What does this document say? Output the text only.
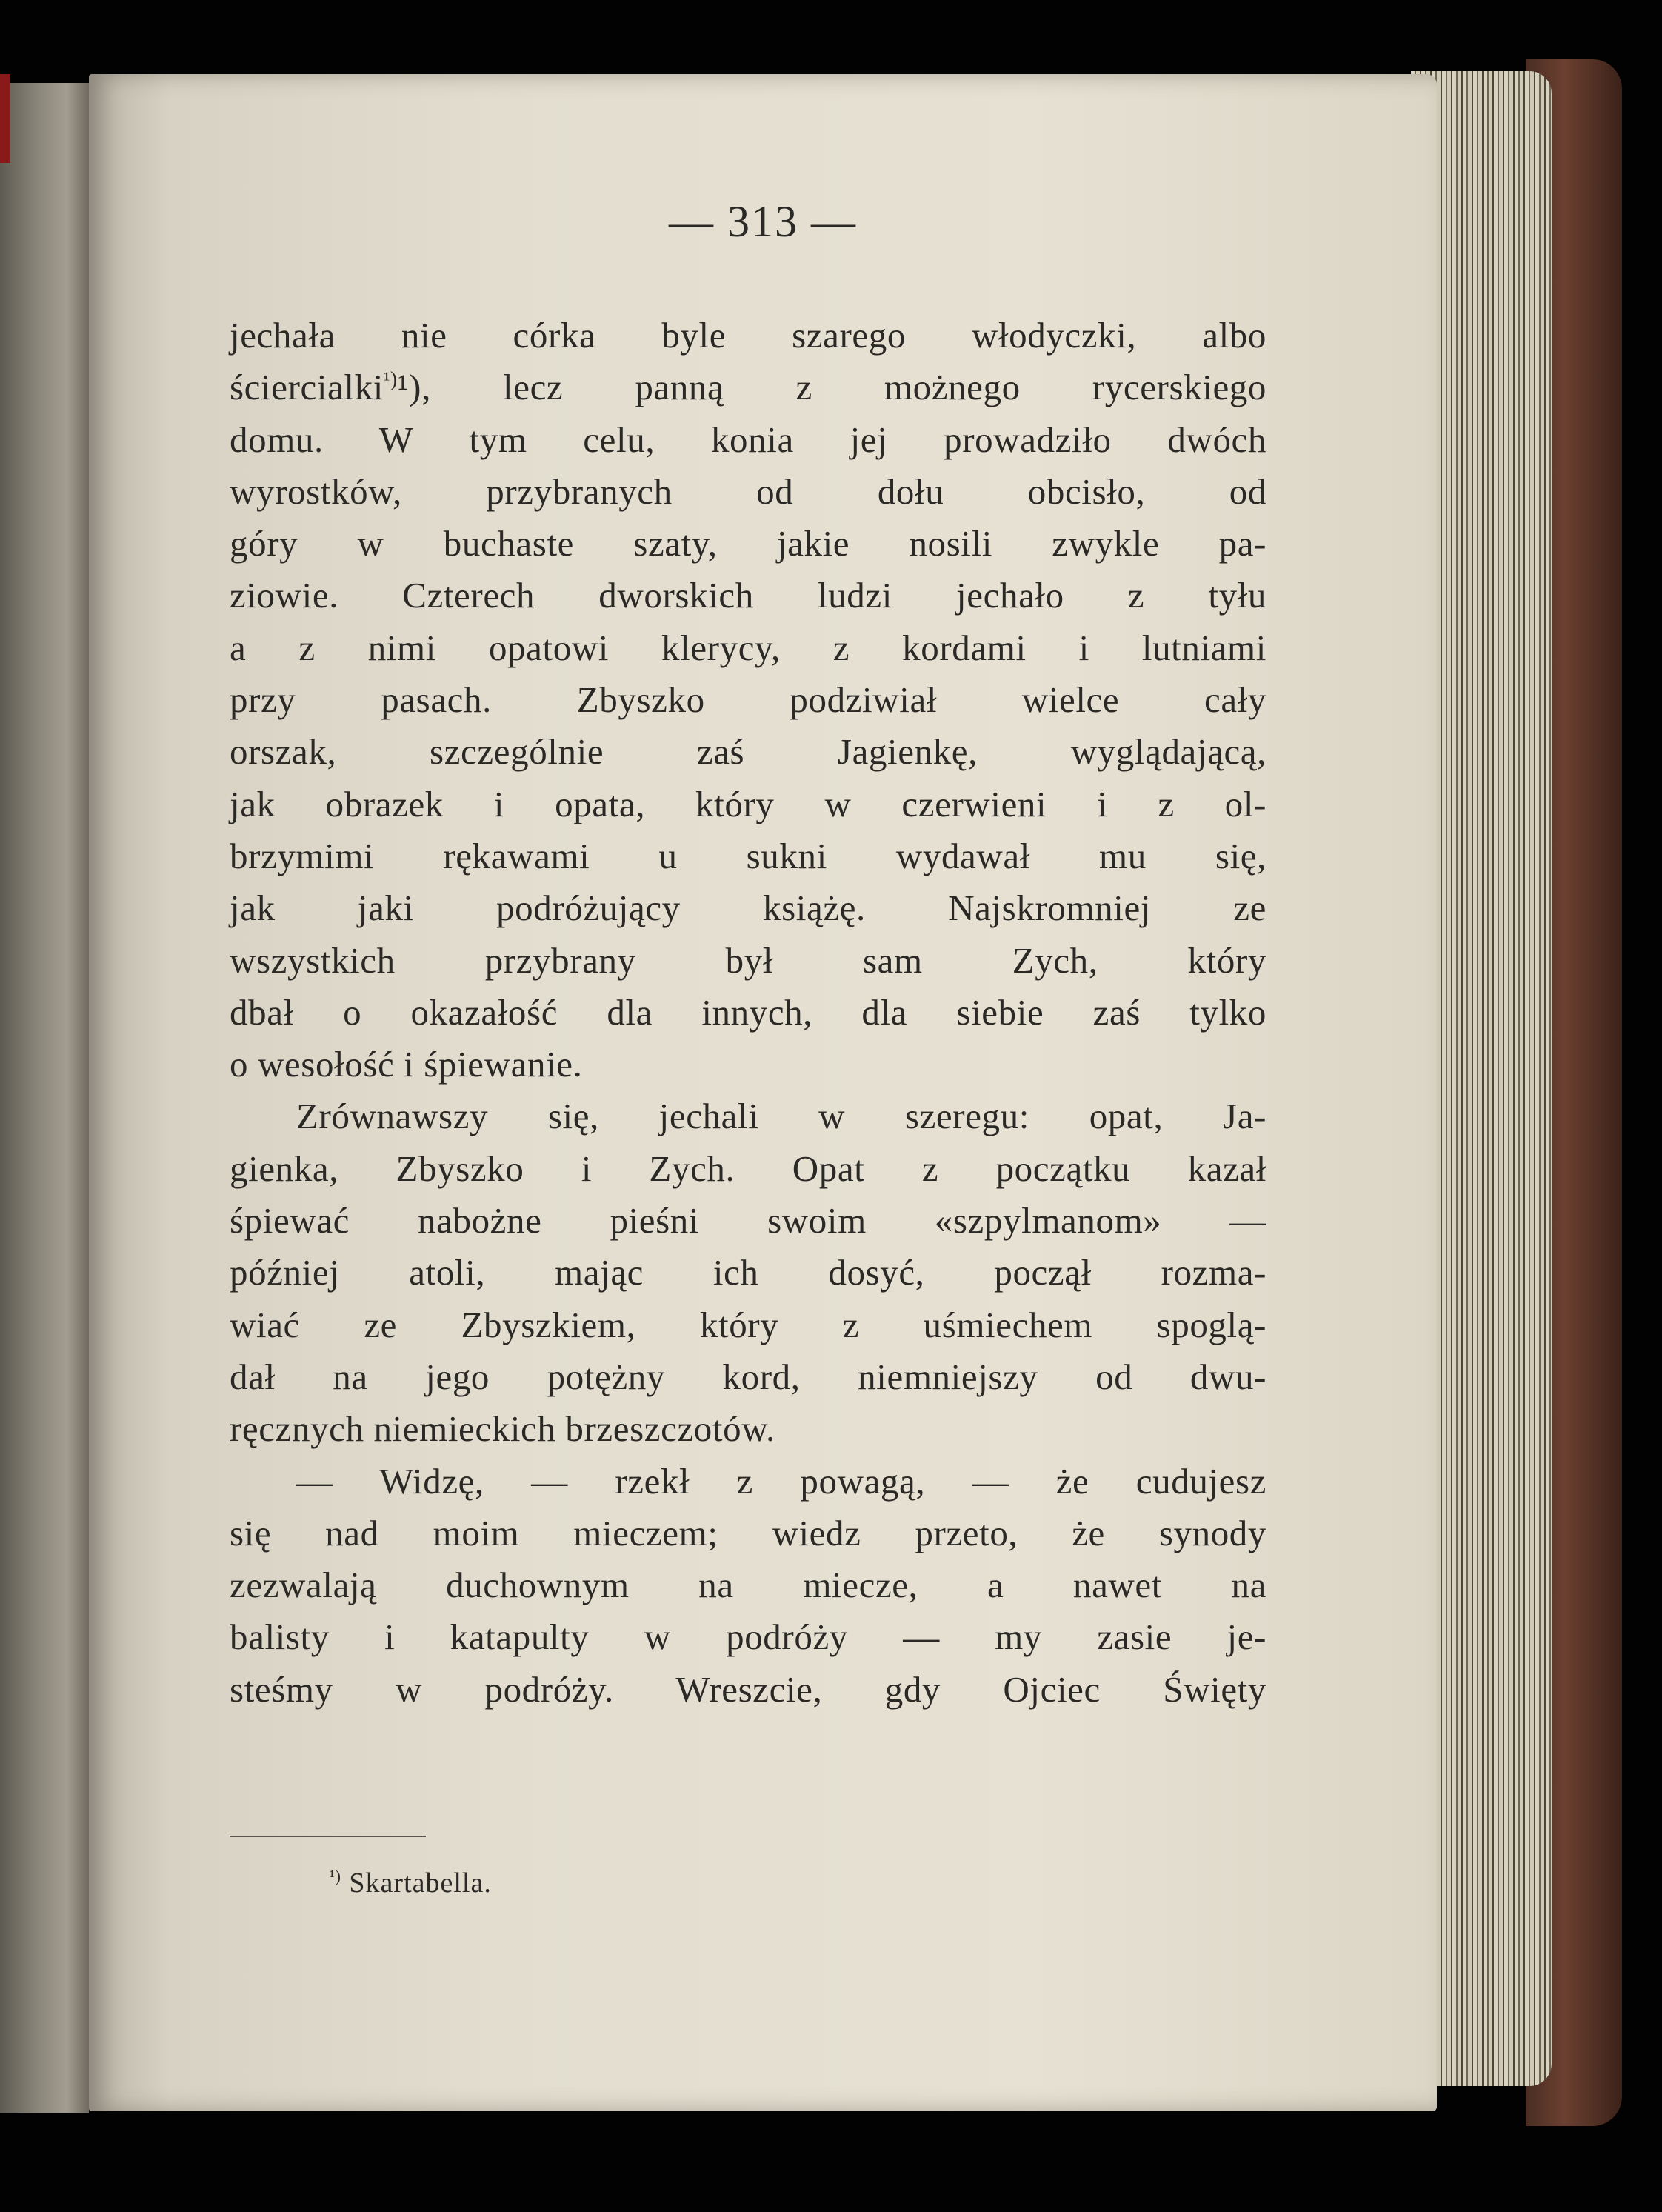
— 313 —
jechała nie córka byle szarego włodyczki, albo
ściercialki$^{^1)}$¹), lecz panną z możnego rycerskiego
domu. W tym celu, konia jej prowadziło dwóch
wyrostków, przybranych od dołu obcisło, od
góry w buchaste szaty, jakie nosili zwykle pa-
ziowie. Czterech dworskich ludzi jechało z tyłu
a z nimi opatowi klerycy, z kordami i lutniami
przy pasach. Zbyszko podziwiał wielce cały
orszak, szczególnie zaś Jagienkę, wyglądającą,
jak obrazek i opata, który w czerwieni i z ol-
brzymimi rękawami u sukni wydawał mu się,
jak jaki podróżujący książę. Najskromniej ze
wszystkich przybrany był sam Zych, który
dbał o okazałość dla innych, dla siebie zaś tylko
o wesołość i śpiewanie.
Zrównawszy się, jechali w szeregu: opat, Ja-
gienka, Zbyszko i Zych. Opat z początku kazał
śpiewać nabożne pieśni swoim «szpylmanom» —
później atoli, mając ich dosyć, począł rozma-
wiać ze Zbyszkiem, który z uśmiechem spoglą-
dał na jego potężny kord, niemniejszy od dwu-
ręcznych niemieckich brzeszczotów.
— Widzę, — rzekł z powagą, — że cudujesz
się nad moim mieczem; wiedz przeto, że synody
zezwalają duchownym na miecze, a nawet na
balisty i katapulty w podróży — my zasie je-
steśmy w podróży. Wreszcie, gdy Ojciec Święty
$^{^1)}$ Skartabella.
